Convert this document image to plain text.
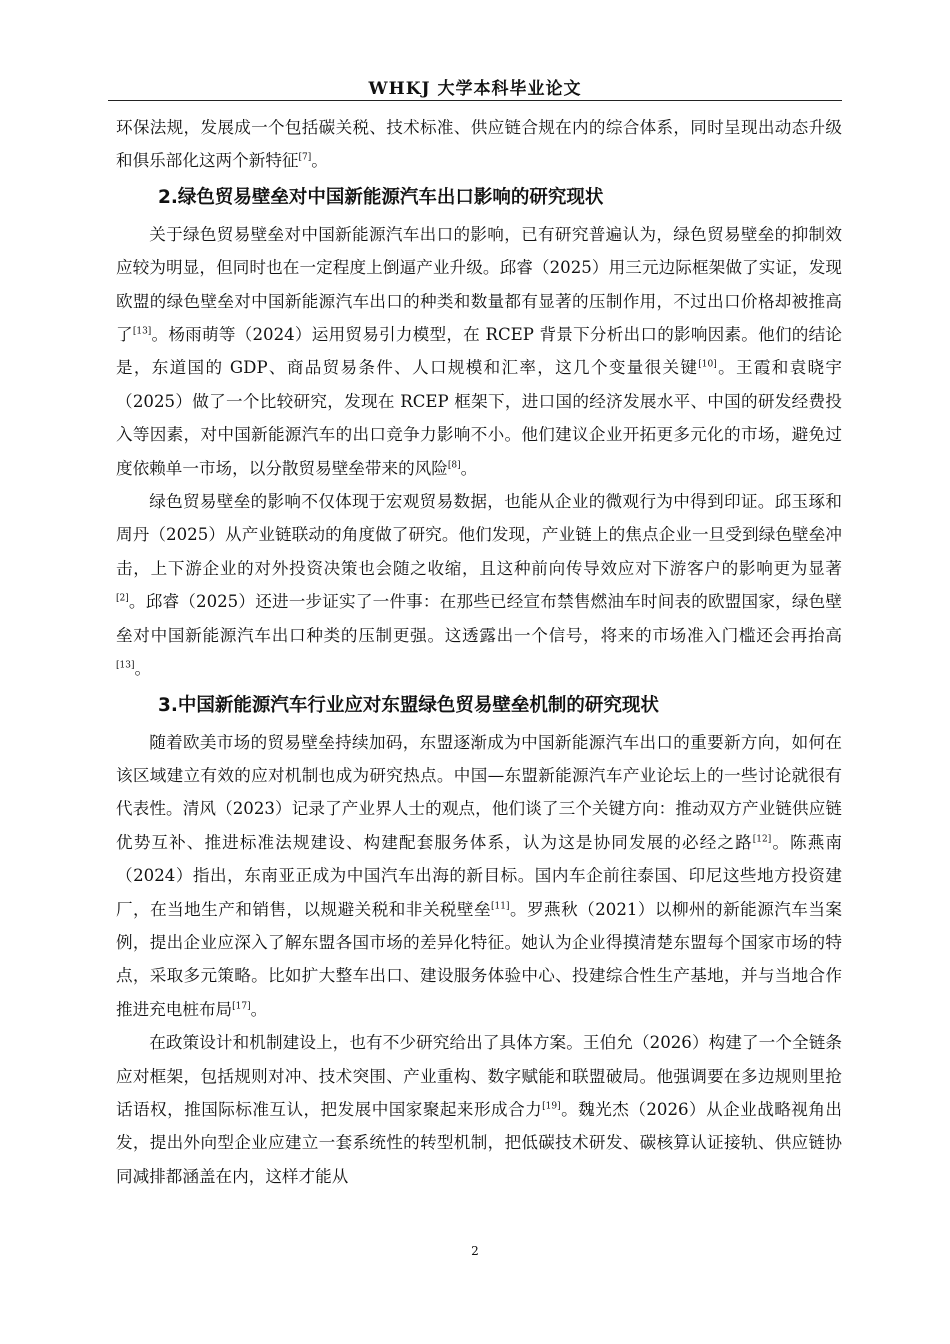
WHKJ 大学本科毕业论文

环保法规，发展成一个包括碳关税、技术标准、供应链合规在内的综合体系，同时呈现出动态升级和俱乐部化这两个新特征[7]。

2.绿色贸易壁垒对中国新能源汽车出口影响的研究现状

关于绿色贸易壁垒对中国新能源汽车出口的影响，已有研究普遍认为，绿色贸易壁垒的抑制效应较为明显，但同时也在一定程度上倒逼产业升级。邱睿（2025）用三元边际框架做了实证，发现欧盟的绿色壁垒对中国新能源汽车出口的种类和数量都有显著的压制作用，不过出口价格却被推高了[13]。杨雨萌等（2024）运用贸易引力模型，在 RCEP 背景下分析出口的影响因素。他们的结论是，东道国的 GDP、商品贸易条件、人口规模和汇率，这几个变量很关键[10]。王霞和袁晓宇（2025）做了一个比较研究，发现在 RCEP 框架下，进口国的经济发展水平、中国的研发经费投入等因素，对中国新能源汽车的出口竞争力影响不小。他们建议企业开拓更多元化的市场，避免过度依赖单一市场，以分散贸易壁垒带来的风险[8]。

绿色贸易壁垒的影响不仅体现于宏观贸易数据，也能从企业的微观行为中得到印证。邱玉琢和周丹（2025）从产业链联动的角度做了研究。他们发现，产业链上的焦点企业一旦受到绿色壁垒冲击，上下游企业的对外投资决策也会随之收缩，且这种前向传导效应对下游客户的影响更为显著[2]。邱睿（2025）还进一步证实了一件事：在那些已经宣布禁售燃油车时间表的欧盟国家，绿色壁垒对中国新能源汽车出口种类的压制更强。这透露出一个信号，将来的市场准入门槛还会再抬高[13]。

3.中国新能源汽车行业应对东盟绿色贸易壁垒机制的研究现状

随着欧美市场的贸易壁垒持续加码，东盟逐渐成为中国新能源汽车出口的重要新方向，如何在该区域建立有效的应对机制也成为研究热点。中国—东盟新能源汽车产业论坛上的一些讨论就很有代表性。清风（2023）记录了产业界人士的观点，他们谈了三个关键方向：推动双方产业链供应链优势互补、推进标准法规建设、构建配套服务体系，认为这是协同发展的必经之路[12]。陈燕南（2024）指出，东南亚正成为中国汽车出海的新目标。国内车企前往泰国、印尼这些地方投资建厂，在当地生产和销售，以规避关税和非关税壁垒[11]。罗燕秋（2021）以柳州的新能源汽车当案例，提出企业应深入了解东盟各国市场的差异化特征。她认为企业得摸清楚东盟每个国家市场的特点，采取多元策略。比如扩大整车出口、建设服务体验中心、投建综合性生产基地，并与当地合作推进充电桩布局[17]。

在政策设计和机制建设上，也有不少研究给出了具体方案。王伯允（2026）构建了一个全链条应对框架，包括规则对冲、技术突围、产业重构、数字赋能和联盟破局。他强调要在多边规则里抢话语权，推国际标准互认，把发展中国家聚起来形成合力[19]。魏光杰（2026）从企业战略视角出发，提出外向型企业应建立一套系统性的转型机制，把低碳技术研发、碳核算认证接轨、供应链协同减排都涵盖在内，这样才能从

2
